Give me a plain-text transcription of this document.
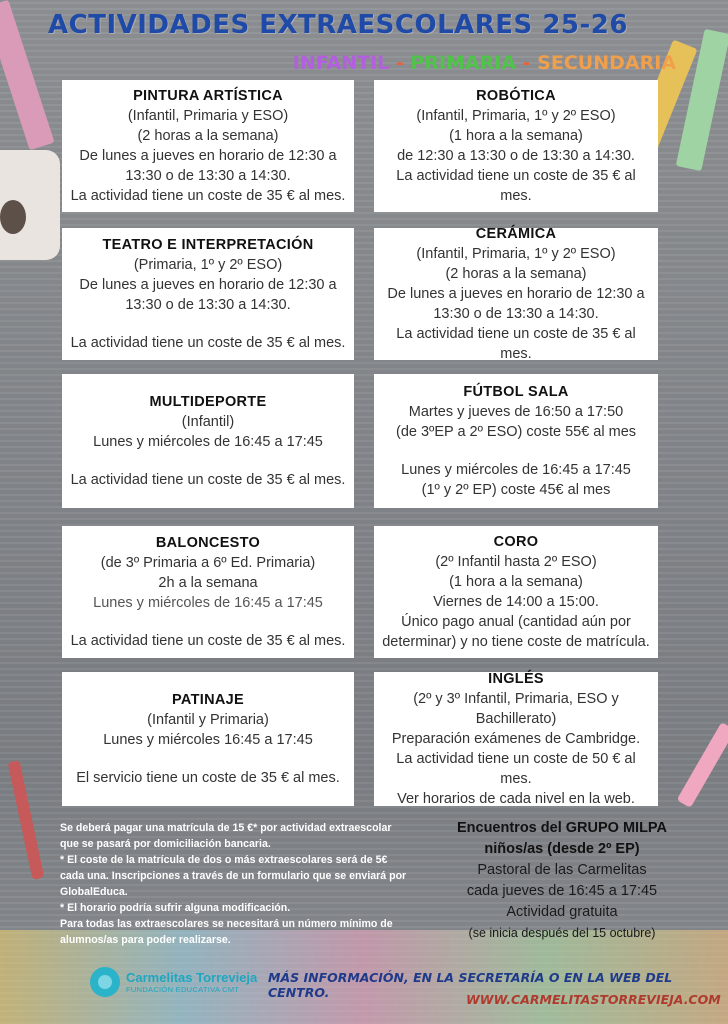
ACTIVIDADES EXTRAESCOLARES 25-26
INFANTIL - PRIMARIA - SECUNDARIA
PINTURA ARTÍSTICA
(Infantil, Primaria y ESO)
(2 horas a la semana)
De lunes a jueves en horario de 12:30 a
13:30 o de 13:30 a 14:30.
La actividad tiene un coste de 35 € al mes.
ROBÓTICA
(Infantil, Primaria, 1º y 2º ESO)
(1 hora a la semana)
de 12:30 a 13:30 o de 13:30 a 14:30.
La actividad tiene un coste de 35 € al mes.
TEATRO E INTERPRETACIÓN
(Primaria, 1º y 2º ESO)
De lunes a jueves en horario de 12:30 a
13:30 o de 13:30 a 14:30.
La actividad tiene un coste de 35 € al mes.
CERÁMICA
(Infantil, Primaria, 1º y 2º ESO)
(2 horas a la semana)
De lunes a jueves en horario de 12:30 a
13:30 o de 13:30 a 14:30.
La actividad tiene un coste de 35 € al mes.
MULTIDEPORTE
(Infantil)
Lunes y miércoles de 16:45 a 17:45
La actividad tiene un coste de 35 € al mes.
FÚTBOL SALA
Martes y jueves de 16:50 a 17:50
(de 3ºEP a 2º ESO) coste 55€ al mes
Lunes y miércoles de 16:45 a 17:45
(1º y 2º EP) coste 45€ al mes
BALONCESTO
(de 3º Primaria a 6º Ed. Primaria)
2h a la semana
Lunes y miércoles de 16:45 a 17:45
La actividad tiene un coste de 35 € al mes.
CORO
(2º Infantil hasta 2º ESO)
(1 hora a la semana)
Viernes de 14:00 a 15:00.
Único pago anual (cantidad aún por
determinar) y no tiene coste de matrícula.
PATINAJE
(Infantil y Primaria)
Lunes y miércoles 16:45 a 17:45
El servicio tiene un coste de 35 € al mes.
INGLÉS
(2º y 3º Infantil, Primaria, ESO y Bachillerato)
Preparación exámenes de Cambridge.
La actividad tiene un coste de 50 € al mes.
Ver horarios de cada nivel en la web.
Se deberá pagar una matrícula de 15 €* por actividad extraescolar
que se pasará por domiciliación bancaria.
* El coste de la matrícula de dos o más extraescolares será de 5€
cada una. Inscripciones a través de un formulario que se enviará por
GlobalEduca.
* El horario podría sufrir alguna modificación.
Para todas las extraescolares se necesitará un número mínimo de
alumnos/as para poder realizarse.
Encuentros del GRUPO MILPA
niños/as (desde 2º EP)
Pastoral de las Carmelitas
cada jueves de 16:45 a 17:45
Actividad gratuita
(se inicia después del 15 octubre)
Carmelitas Torrevieja
FUNDACIÓN EDUCATIVA CMT
MÁS INFORMACIÓN, EN LA SECRETARÍA O EN LA WEB DEL CENTRO.	WWW.CARMELITASTORREVIEJA.COM
